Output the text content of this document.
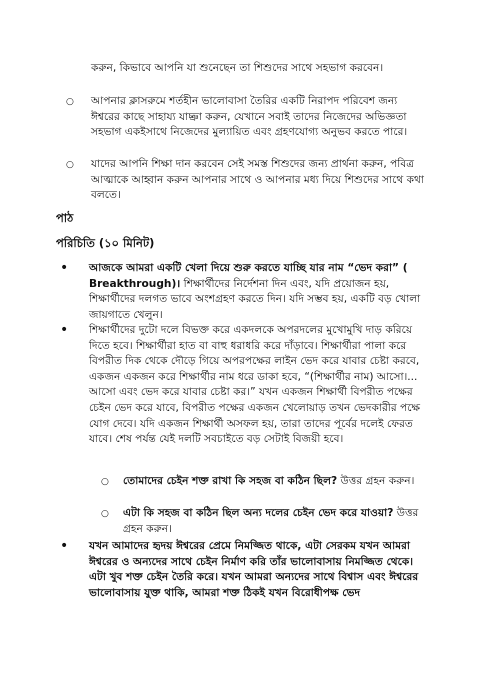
করুন, কিভাবে আপনি যা শুনেছেন তা শিশুদের সাথে সহভাগ করবেন।

○	আপনার ক্লাসরুমে শর্তহীন ভালোবাসা তৈরির একটি নিরাপদ পরিবেশ জন্য ঈশ্বরের কাছে সাহায্য যাচ্ঞা করুন, যেখানে সবাই তাদের নিজেদের অভিজ্ঞতা সহভাগ একইসাথে নিজেদের মুল্যায়িত এবং গ্রহণযোগ্য অনুভব করতে পারে।
○	যাদের আপনি শিক্ষা দান করবেন সেই সমস্ত শিশুদের জন্য প্রার্থনা করুন, পবিত্র আত্মাকে আহ্বান করুন আপনার সাথে ও আপনার মধ্য দিয়ে শিশুদের সাথে কথা বলতে।
পাঠ
পরিচিতি (১০ মিনিট)
• আজকে আমরা একটি খেলা দিয়ে শুরু করতে যাচ্ছি যার নাম “ভেদ করা” ( Breakthrough)। শিক্ষার্থীদের নির্দেশনা দিন এবং, যদি প্রয়োজন হয়, শিক্ষার্থীদের দলগত ভাবে অংশগ্রহণ করতে দিন। যদি সম্ভব হয়, একটি বড় খোলা জায়গাতে খেলুন।
• শিক্ষার্থীদের দুটো দলে বিভক্ত করে একদলকে অপরদলের মুখোমুখি দাড় করিয়ে দিতে হবে। শিক্ষার্থীরা হাত বা বাহু ধরাধরি করে দাঁড়াবে। শিক্ষার্থীরা পালা করে বিপরীত দিক থেকে দৌড়ে গিয়ে অপরপক্ষের লাইন ভেদ করে যাবার চেষ্টা করবে, একজন একজন করে শিক্ষার্থীর নাম ধরে ডাকা হবে, “(শিক্ষার্থীর নাম) আসো।... আসো এবং ভেদ করে যাবার চেষ্টা কর।” যখন একজন শিক্ষার্থী বিপরীত পক্ষের চেইন ভেদ করে যাবে, বিপরীত পক্ষের একজন খেলোয়াড় তখন ভেদকারীর পক্ষে যোগ দেবে। যদি একজন শিক্ষার্থী অসফল হয়, তারা তাদের পূর্বের দলেই ফেরত যাবে। শেষ পর্যন্ত যেই দলটি সবচাইতে বড় সেটাই বিজয়ী হবে।
○ তোমাদের চেইন শক্ত রাখা কি সহজ বা কঠিন ছিল? উত্তর গ্রহন করুন।
○ এটা কি সহজ বা কঠিন ছিল অন্য দলের চেইন ভেদ করে যাওয়া? উত্তর গ্রহন করুন।
• যখন আমাদের হৃদয় ঈশ্বরের প্রেমে নিমজ্জিত থাকে, এটা সেরকম যখন আমরা ঈশ্বরের ও অন্যদের সাথে চেইন নির্মাণ করি তাঁর ভালোবাসায় নিমজ্জিত থেকে। এটা খুব শক্ত চেইন তৈরি করে। যখন আমরা অন্যদের সাথে বিশ্বাস এবং ঈশ্বরের ভালোবাসায় যুক্ত থাকি, আমরা শক্ত ঠিকই যখন বিরোধীপক্ষ ভেদ
